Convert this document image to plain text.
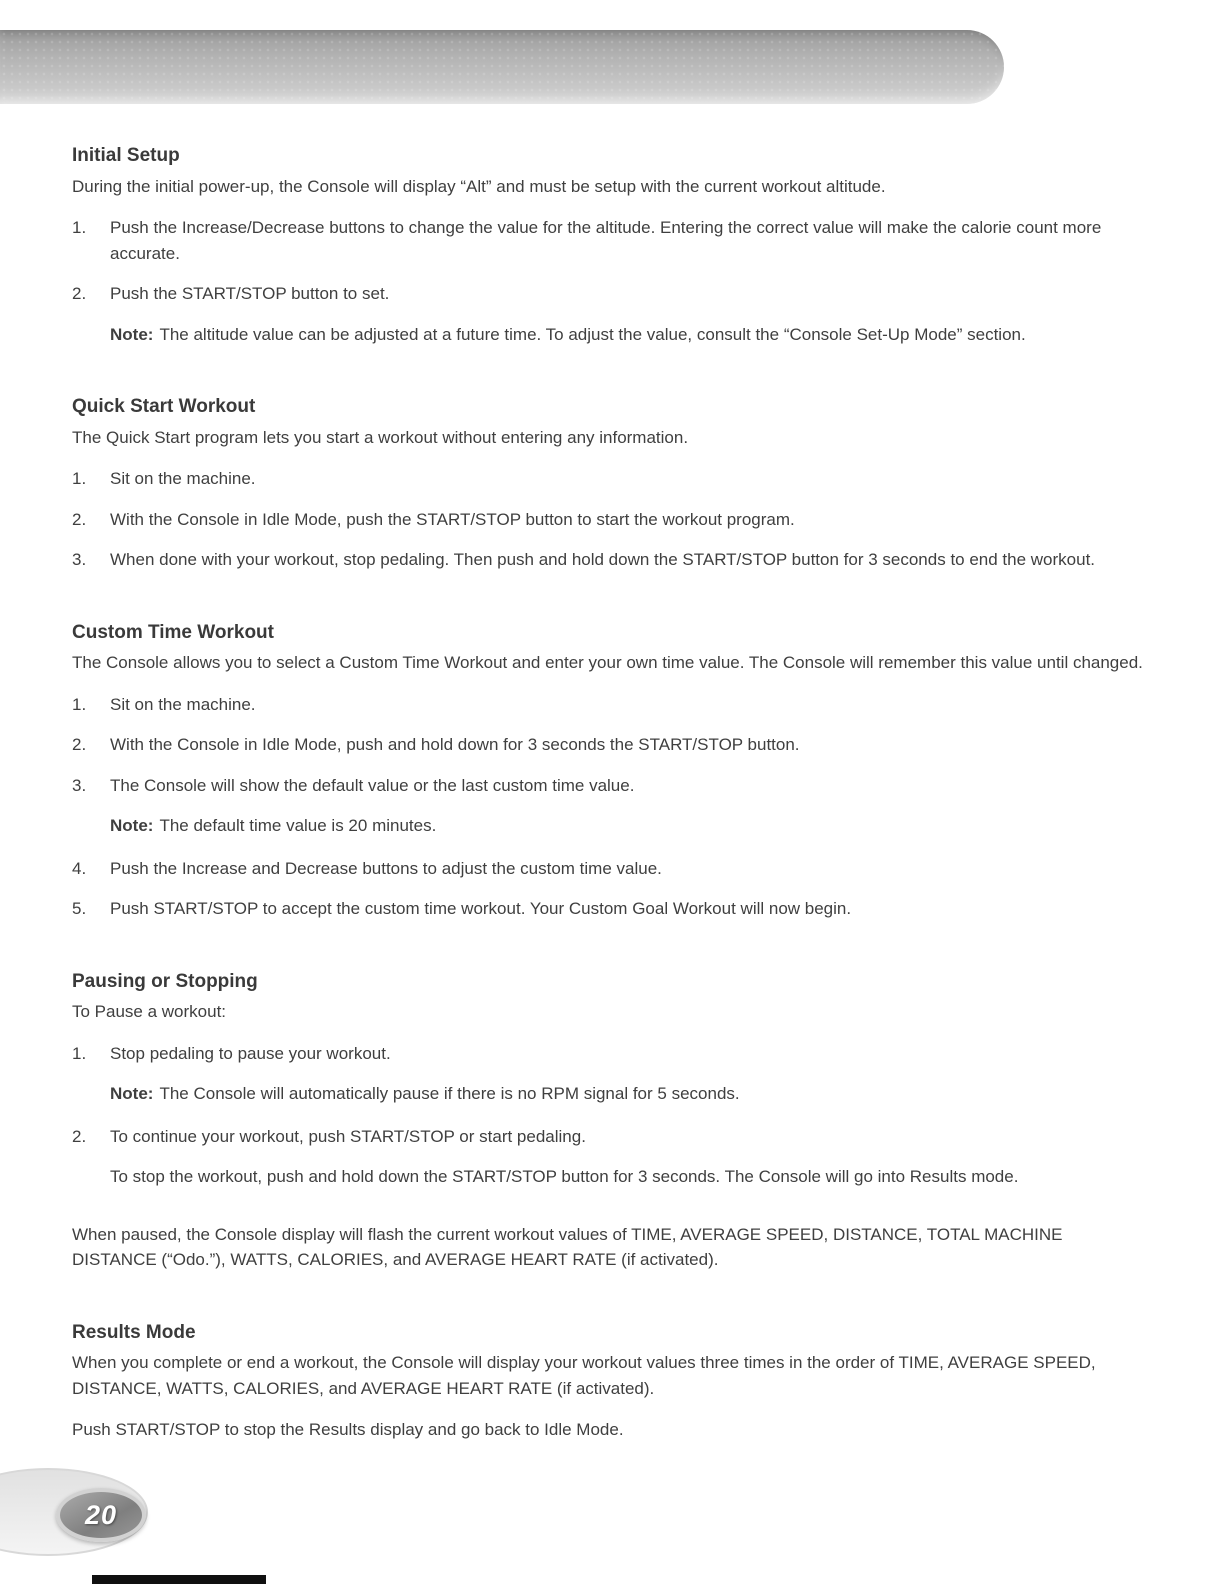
Initial Setup

During the initial power-up, the Console will display “Alt” and must be setup with the current workout altitude.

1.	Push the Increase/Decrease buttons to change the value for the altitude. Entering the correct value will make the calorie count more accurate.
2.	Push the START/STOP button to set.
Note: The altitude value can be adjusted at a future time. To adjust the value, consult the “Console Set-Up Mode” section.
Quick Start Workout

The Quick Start program lets you start a workout without entering any information.

1.	Sit on the machine.
2.	With the Console in Idle Mode, push the START/STOP button to start the workout program.
3.	When done with your workout, stop pedaling. Then push and hold down the START/STOP button for 3 seconds to end the workout.
Custom Time Workout

The Console allows you to select a Custom Time Workout and enter your own time value. The Console will remember this value until changed.

1.	Sit on the machine.
2.	With the Console in Idle Mode, push and hold down for 3 seconds the START/STOP button.
3.	The Console will show the default value or the last custom time value.
Note: The default time value is 20 minutes.
4.	Push the Increase and Decrease buttons to adjust the custom time value.
5.	Push START/STOP to accept the custom time workout. Your Custom Goal Workout will now begin.
Pausing or Stopping

To Pause a workout:

1.	Stop pedaling to pause your workout.
Note: The Console will automatically pause if there is no RPM signal for 5 seconds.
2.	To continue your workout, push START/STOP or start pedaling.

To stop the workout, push and hold down the START/STOP button for 3 seconds. The Console will go into Results mode.

When paused, the Console display will flash the current workout values of TIME, AVERAGE SPEED, DISTANCE, TOTAL MACHINE DISTANCE (“Odo.”), WATTS, CALORIES, and AVERAGE HEART RATE (if activated).

Results Mode

When you complete or end a workout, the Console will display your workout values three times in the order of TIME, AVERAGE SPEED, DISTANCE, WATTS, CALORIES, and AVERAGE HEART RATE (if activated).

Push START/STOP to stop the Results display and go back to Idle Mode.

20
